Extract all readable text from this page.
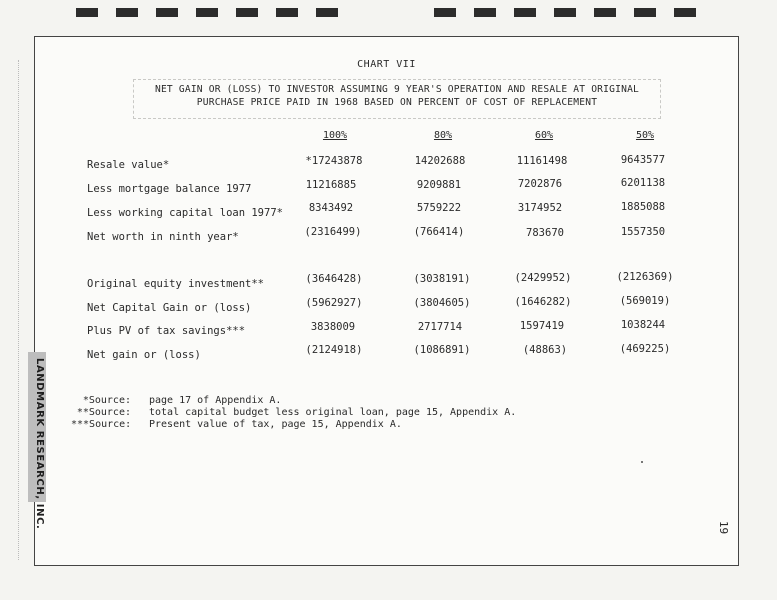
CHART VII
NET GAIN OR (LOSS) TO INVESTOR ASSUMING 9 YEAR'S OPERATION AND RESALE AT ORIGINAL
PURCHASE PRICE PAID IN 1968 BASED ON PERCENT OF COST OF REPLACEMENT
100%	80%	60%	50%
Resale value*	*17243878	14202688	11161498	9643577
Less mortgage balance 1977	11216885	9209881	7202876	6201138
Less working capital loan 1977*	8343492	5759222	3174952	1885088
Net worth in ninth year*	(2316499)	(766414)	783670	1557350
Original equity investment**	(3646428)	(3038191)	(2429952)	(2126369)
Net Capital Gain or (loss)	(5962927)	(3804605)	(1646282)	(569019)
Plus PV of tax savings***	3838009	2717714	1597419	1038244
Net gain or (loss)	(2124918)	(1086891)	(48863)	(469225)
*Source: page 17 of Appendix A.
**Source: total capital budget less original loan, page 15, Appendix A.
***Source: Present value of tax, page 15, Appendix A.
19
LANDMARK RESEARCH, INC.
